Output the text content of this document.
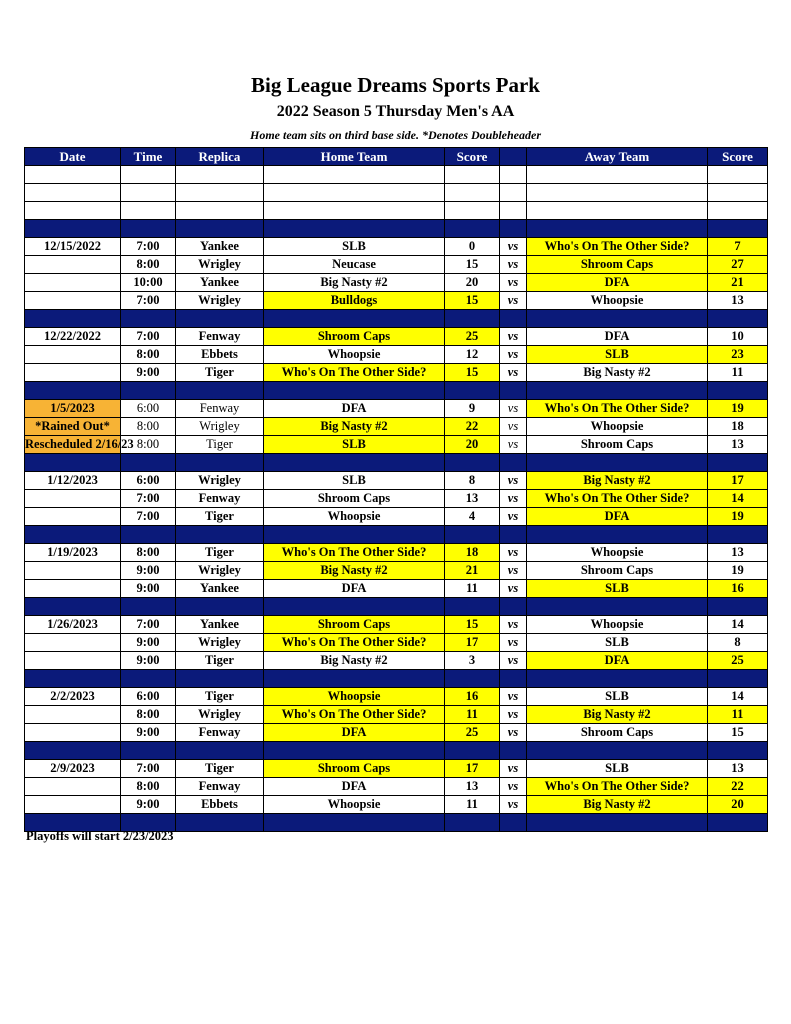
Big League Dreams Sports Park
2022 Season 5 Thursday Men's AA
Home team sits on third base side. *Denotes Doubleheader
Date	Time	Replica	Home Team	Score		Away Team	Score

12/15/2022	7:00	Yankee	SLB	0	vs	Who's On The Other Side?	7
	8:00	Wrigley	Neucase	15	vs	Shroom Caps	27
	10:00	Yankee	Big Nasty #2	20	vs	DFA	21
	7:00	Wrigley	Bulldogs	15	vs	Whoopsie	13

12/22/2022	7:00	Fenway	Shroom Caps	25	vs	DFA	10
	8:00	Ebbets	Whoopsie	12	vs	SLB	23
	9:00	Tiger	Who's On The Other Side?	15	vs	Big Nasty #2	11

1/5/2023	6:00	Fenway	DFA	9	vs	Who's On The Other Side?	19
*Rained Out*	8:00	Wrigley	Big Nasty #2	22	vs	Whoopsie	18
Rescheduled 2/16/23	8:00	Tiger	SLB	20	vs	Shroom Caps	13

1/12/2023	6:00	Wrigley	SLB	8	vs	Big Nasty #2	17
	7:00	Fenway	Shroom Caps	13	vs	Who's On The Other Side?	14
	7:00	Tiger	Whoopsie	4	vs	DFA	19

1/19/2023	8:00	Tiger	Who's On The Other Side?	18	vs	Whoopsie	13
	9:00	Wrigley	Big Nasty #2	21	vs	Shroom Caps	19
	9:00	Yankee	DFA	11	vs	SLB	16

1/26/2023	7:00	Yankee	Shroom Caps	15	vs	Whoopsie	14
	9:00	Wrigley	Who's On The Other Side?	17	vs	SLB	8
	9:00	Tiger	Big Nasty #2	3	vs	DFA	25

2/2/2023	6:00	Tiger	Whoopsie	16	vs	SLB	14
	8:00	Wrigley	Who's On The Other Side?	11	vs	Big Nasty #2	11
	9:00	Fenway	DFA	25	vs	Shroom Caps	15

2/9/2023	7:00	Tiger	Shroom Caps	17	vs	SLB	13
	8:00	Fenway	DFA	13	vs	Who's On The Other Side?	22
	9:00	Ebbets	Whoopsie	11	vs	Big Nasty #2	20

Playoffs will start 2/23/2023
